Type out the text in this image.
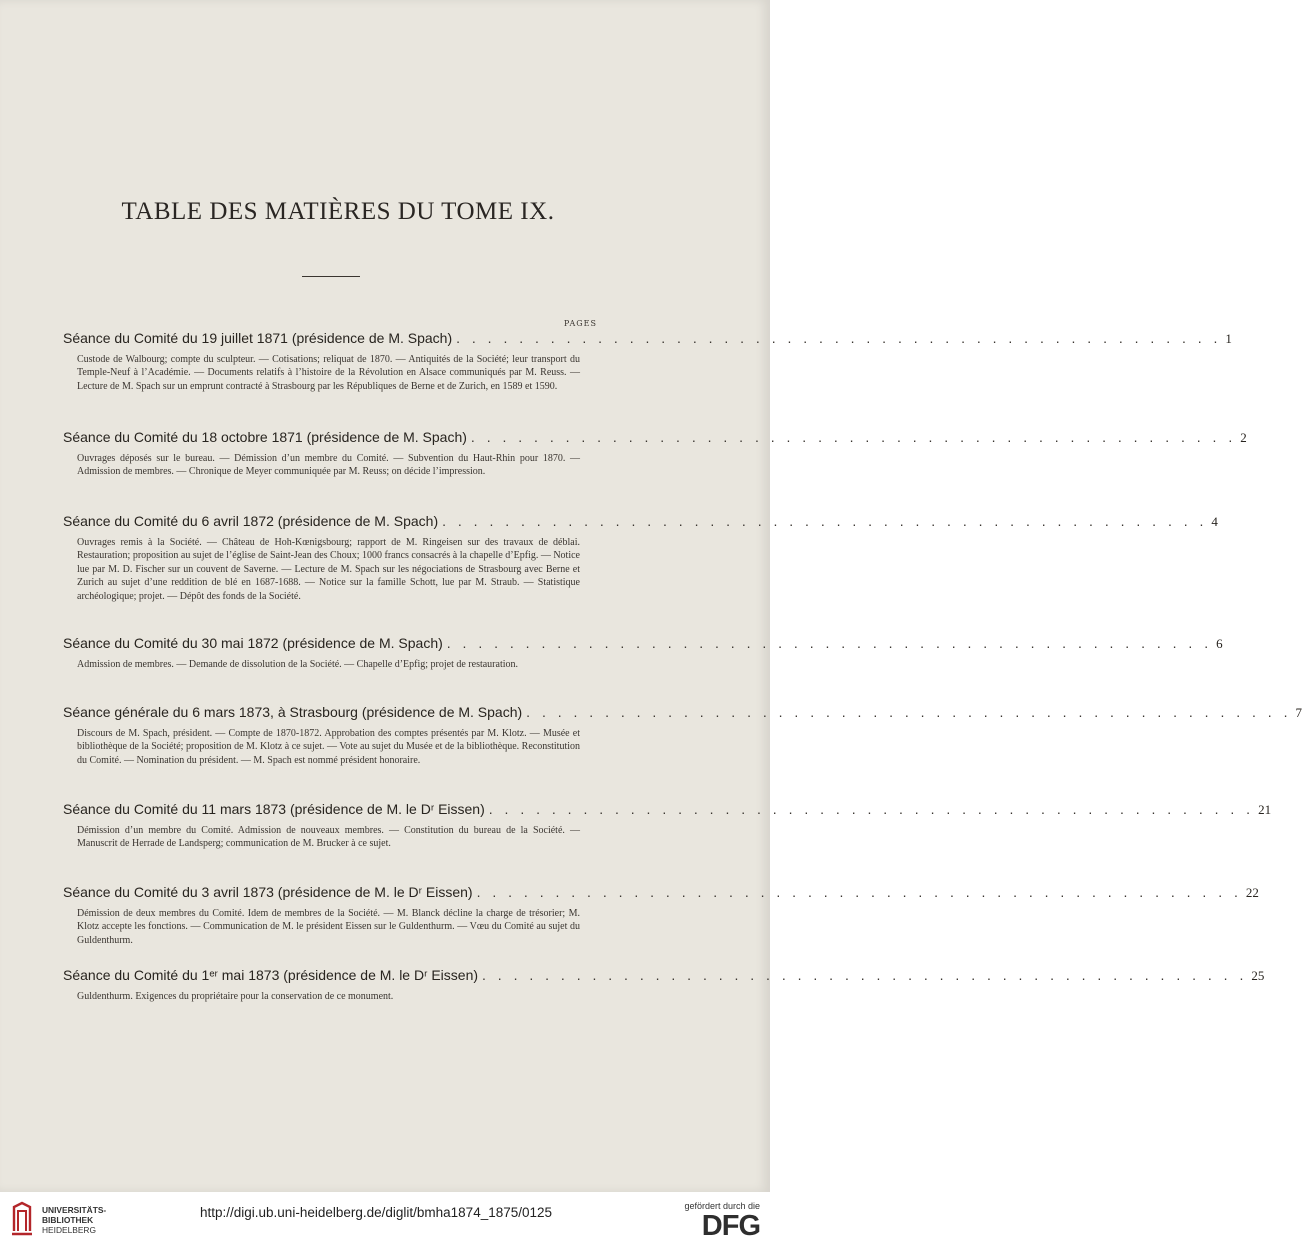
TABLE DES MATIÈRES DU TOME IX.
PAGES
Séance du Comité du 19 juillet 1871 (présidence de M. Spach) . . . . . . . . . . . . . . . . . . . . . . . . . . . . . . . . . . . . . . . . . . . . . . . . . 1
Custode de Walbourg; compte du sculpteur. — Cotisations; reliquat de 1870. — Antiquités de la Société; leur transport du Temple-Neuf à l’Académie. — Documents relatifs à l’histoire de la Révolution en Alsace communiqués par M. Reuss. — Lecture de M. Spach sur un emprunt contracté à Strasbourg par les Républiques de Berne et de Zurich, en 1589 et 1590.
Séance du Comité du 18 octobre 1871 (présidence de M. Spach) . . . . . . . . . . . . . . . . . . . . . . . . . . . . . . . . . . . . . . . . . . . . . . . . . 2
Ouvrages déposés sur le bureau. — Démission d’un membre du Comité. — Subvention du Haut-Rhin pour 1870. — Admission de membres. — Chronique de Meyer communiquée par M. Reuss; on décide l’impression.
Séance du Comité du 6 avril 1872 (présidence de M. Spach) . . . . . . . . . . . . . . . . . . . . . . . . . . . . . . . . . . . . . . . . . . . . . . . . . 4
Ouvrages remis à la Société. — Château de Hoh-Kœnigsbourg; rapport de M. Ringeisen sur des travaux de déblai. Restauration; proposition au sujet de l’église de Saint-Jean des Choux; 1000 francs consacrés à la chapelle d’Epfig. — Notice lue par M. D. Fischer sur un couvent de Saverne. — Lecture de M. Spach sur les négociations de Strasbourg avec Berne et Zurich au sujet d’une reddition de blé en 1687-1688. — Notice sur la famille Schott, lue par M. Straub. — Statistique archéologique; projet. — Dépôt des fonds de la Société.
Séance du Comité du 30 mai 1872 (présidence de M. Spach) . . . . . . . . . . . . . . . . . . . . . . . . . . . . . . . . . . . . . . . . . . . . . . . . . 6
Admission de membres. — Demande de dissolution de la Société. — Chapelle d’Epfig; projet de restauration.
Séance générale du 6 mars 1873, à Strasbourg (présidence de M. Spach) . . . . . . . . . . . . . . . . . . . . . . . . . . . . . . . . . . . . . . . . . . . . . . . . . 7
Discours de M. Spach, président. — Compte de 1870-1872. Approbation des comptes présentés par M. Klotz. — Musée et bibliothèque de la Société; proposition de M. Klotz à ce sujet. — Vote au sujet du Musée et de la bibliothèque. Reconstitution du Comité. — Nomination du président. — M. Spach est nommé président honoraire.
Séance du Comité du 11 mars 1873 (présidence de M. le Dʳ Eissen) . . . . . . . . . . . . . . . . . . . . . . . . . . . . . . . . . . . . . . . . . . . . . . . . . 21
Démission d’un membre du Comité. Admission de nouveaux membres. — Constitution du bureau de la Société. — Manuscrit de Herrade de Landsperg; communication de M. Brucker à ce sujet.
Séance du Comité du 3 avril 1873 (présidence de M. le Dʳ Eissen) . . . . . . . . . . . . . . . . . . . . . . . . . . . . . . . . . . . . . . . . . . . . . . . . . 22
Démission de deux membres du Comité. Idem de membres de la Société. — M. Blanck décline la charge de trésorier; M. Klotz accepte les fonctions. — Communication de M. le président Eissen sur le Guldenthurm. — Vœu du Comité au sujet du Guldenthurm.
Séance du Comité du 1ᵉʳ mai 1873 (présidence de M. le Dʳ Eissen) . . . . . . . . . . . . . . . . . . . . . . . . . . . . . . . . . . . . . . . . . . . . . . . . . 25
Guldenthurm. Exigences du propriétaire pour la conservation de ce monument.
UNIVERSITÄTS-
BIBLIOTHEK
HEIDELBERG
http://digi.ub.uni-heidelberg.de/diglit/bmha1874_1875/0125	gefördert durch die
DFG
